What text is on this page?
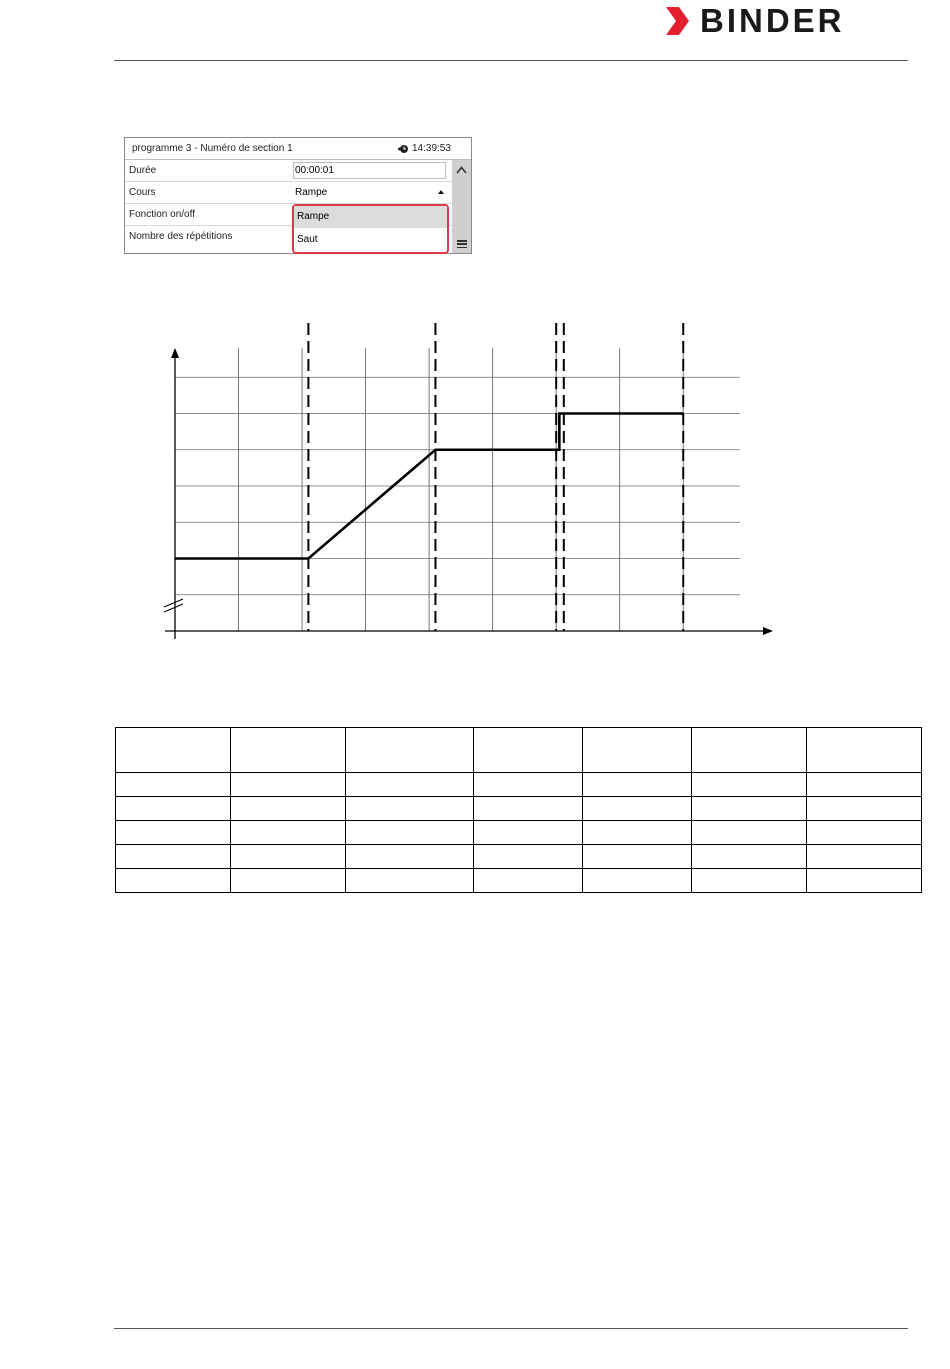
BINDER
programme 3 - Numéro de section 1	14:39:53
Durée	00:00:01
Cours	Rampe
Fonction on/off
Nombre des répétitions
Rampe
Saut
